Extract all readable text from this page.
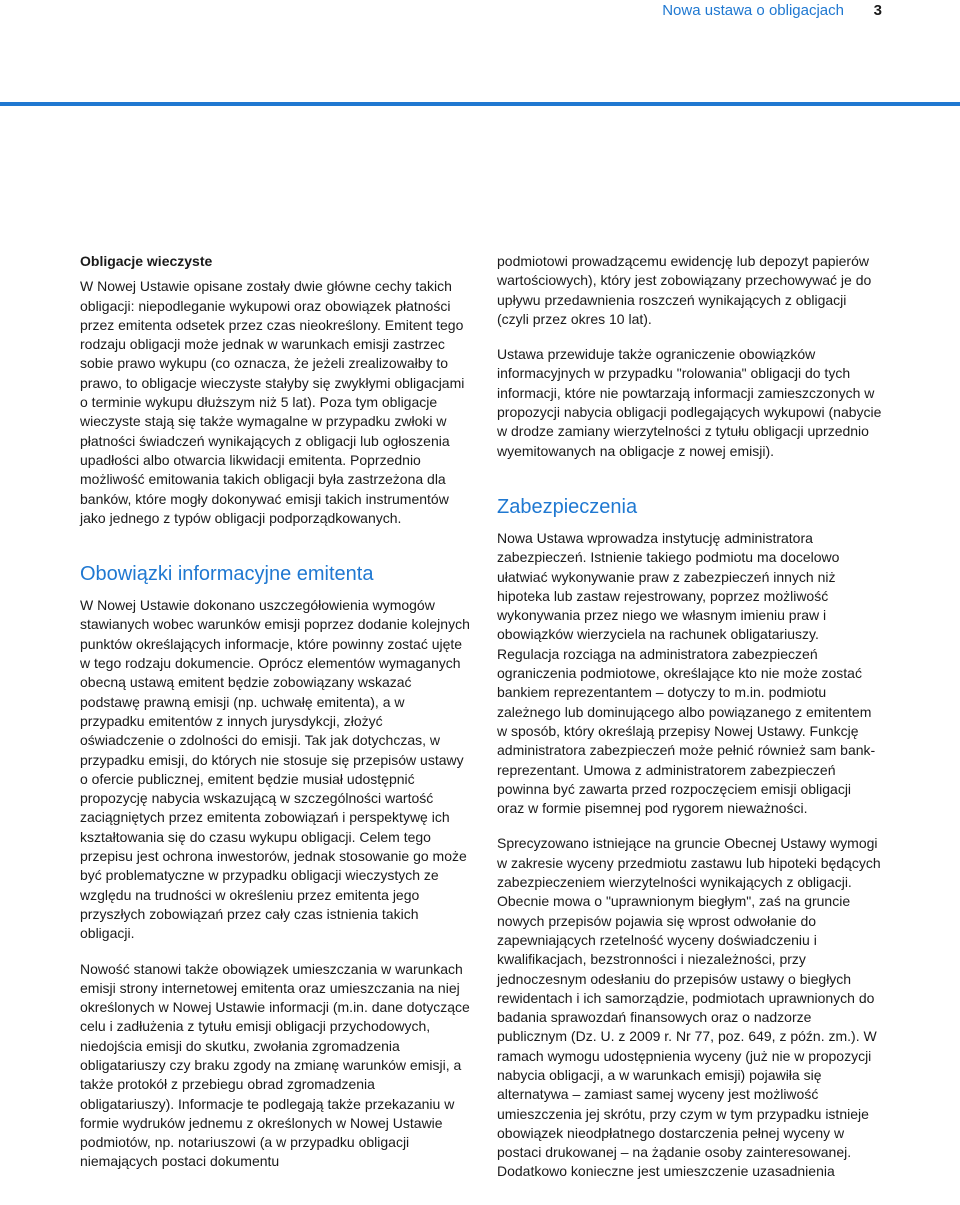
Nowa ustawa o obligacjach 3
Obligacje wieczyste

W Nowej Ustawie opisane zostały dwie główne cechy takich obligacji: niepodleganie wykupowi oraz obowiązek płatności przez emitenta odsetek przez czas nieokreślony. Emitent tego rodzaju obligacji może jednak w warunkach emisji zastrzec sobie prawo wykupu (co oznacza, że jeżeli zrealizowałby to prawo, to obligacje wieczyste stałyby się zwykłymi obligacjami o terminie wykupu dłuższym niż 5 lat). Poza tym obligacje wieczyste stają się także wymagalne w przypadku zwłoki w płatności świadczeń wynikających z obligacji lub ogłoszenia upadłości albo otwarcia likwidacji emitenta. Poprzednio możliwość emitowania takich obligacji była zastrzeżona dla banków, które mogły dokonywać emisji takich instrumentów jako jednego z typów obligacji podporządkowanych.

Obowiązki informacyjne emitenta

W Nowej Ustawie dokonano uszczegółowienia wymogów stawianych wobec warunków emisji poprzez dodanie kolejnych punktów określających informacje, które powinny zostać ujęte w tego rodzaju dokumencie. Oprócz elementów wymaganych obecną ustawą emitent będzie zobowiązany wskazać podstawę prawną emisji (np. uchwałę emitenta), a w przypadku emitentów z innych jurysdykcji, złożyć oświadczenie o zdolności do emisji. Tak jak dotychczas, w przypadku emisji, do których nie stosuje się przepisów ustawy o ofercie publicznej, emitent będzie musiał udostępnić propozycję nabycia wskazującą w szczególności wartość zaciągniętych przez emitenta zobowiązań i perspektywę ich kształtowania się do czasu wykupu obligacji. Celem tego przepisu jest ochrona inwestorów, jednak stosowanie go może być problematyczne w przypadku obligacji wieczystych ze względu na trudności w określeniu przez emitenta jego przyszłych zobowiązań przez cały czas istnienia takich obligacji.

Nowość stanowi także obowiązek umieszczania w warunkach emisji strony internetowej emitenta oraz umieszczania na niej określonych w Nowej Ustawie informacji (m.in. dane dotyczące celu i zadłużenia z tytułu emisji obligacji przychodowych, niedojścia emisji do skutku, zwołania zgromadzenia obligatariuszy czy braku zgody na zmianę warunków emisji, a także protokół z przebiegu obrad zgromadzenia obligatariuszy). Informacje te podlegają także przekazaniu w formie wydruków jednemu z określonych w Nowej Ustawie podmiotów, np. notariuszowi (a w przypadku obligacji niemających postaci dokumentu

podmiotowi prowadzącemu ewidencję lub depozyt papierów wartościowych), który jest zobowiązany przechowywać je do upływu przedawnienia roszczeń wynikających z obligacji (czyli przez okres 10 lat).

Ustawa przewiduje także ograniczenie obowiązków informacyjnych w przypadku "rolowania" obligacji do tych informacji, które nie powtarzają informacji zamieszczonych w propozycji nabycia obligacji podlegających wykupowi (nabycie w drodze zamiany wierzytelności z tytułu obligacji uprzednio wyemitowanych na obligacje z nowej emisji).

Zabezpieczenia

Nowa Ustawa wprowadza instytucję administratora zabezpieczeń. Istnienie takiego podmiotu ma docelowo ułatwiać wykonywanie praw z zabezpieczeń innych niż hipoteka lub zastaw rejestrowany, poprzez możliwość wykonywania przez niego we własnym imieniu praw i obowiązków wierzyciela na rachunek obligatariuszy. Regulacja rozciąga na administratora zabezpieczeń ograniczenia podmiotowe, określające kto nie może zostać bankiem reprezentantem – dotyczy to m.in. podmiotu zależnego lub dominującego albo powiązanego z emitentem w sposób, który określają przepisy Nowej Ustawy. Funkcję administratora zabezpieczeń może pełnić również sam bank-reprezentant. Umowa z administratorem zabezpieczeń powinna być zawarta przed rozpoczęciem emisji obligacji oraz w formie pisemnej pod rygorem nieważności.

Sprecyzowano istniejące na gruncie Obecnej Ustawy wymogi w zakresie wyceny przedmiotu zastawu lub hipoteki będących zabezpieczeniem wierzytelności wynikających z obligacji. Obecnie mowa o "uprawnionym biegłym", zaś na gruncie nowych przepisów pojawia się wprost odwołanie do zapewniających rzetelność wyceny doświadczeniu i kwalifikacjach, bezstronności i niezależności, przy jednoczesnym odesłaniu do przepisów ustawy o biegłych rewidentach i ich samorządzie, podmiotach uprawnionych do badania sprawozdań finansowych oraz o nadzorze publicznym (Dz. U. z 2009 r. Nr 77, poz. 649, z późn. zm.). W ramach wymogu udostępnienia wyceny (już nie w propozycji nabycia obligacji, a w warunkach emisji) pojawiła się alternatywa – zamiast samej wyceny jest możliwość umieszczenia jej skrótu, przy czym w tym przypadku istnieje obowiązek nieodpłatnego dostarczenia pełnej wyceny w postaci drukowanej – na żądanie osoby zainteresowanej. Dodatkowo konieczne jest umieszczenie uzasadnienia
